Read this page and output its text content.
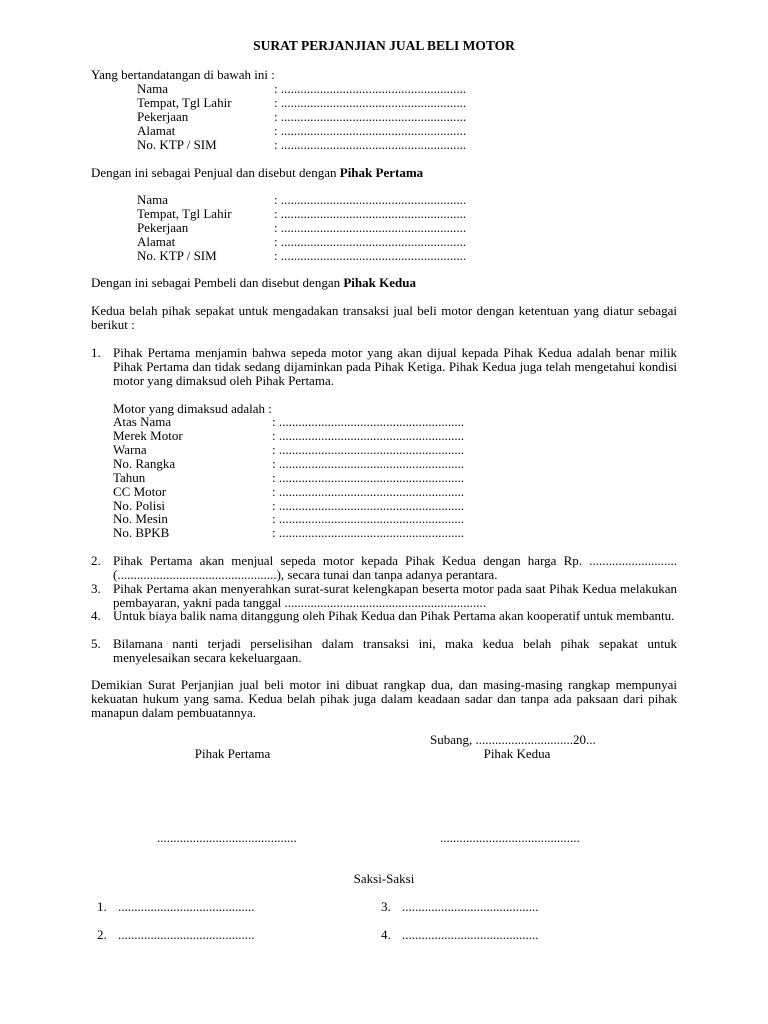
SURAT PERJANJIAN JUAL BELI MOTOR
Yang bertandatangan di bawah ini :
Nama	: .........................................................
Tempat, Tgl Lahir	: .........................................................
Pekerjaan	: .........................................................
Alamat	: .........................................................
No. KTP / SIM	: .........................................................
Dengan ini sebagai Penjual dan disebut dengan Pihak Pertama
Nama	: .........................................................
Tempat, Tgl Lahir	: .........................................................
Pekerjaan	: .........................................................
Alamat	: .........................................................
No. KTP / SIM	: .........................................................
Dengan ini sebagai Pembeli dan disebut dengan Pihak Kedua
Kedua belah pihak sepakat untuk mengadakan transaksi jual beli motor dengan ketentuan yang diatur sebagai berikut :
1. Pihak Pertama menjamin bahwa sepeda motor yang akan dijual kepada Pihak Kedua adalah benar milik Pihak Pertama dan tidak sedang dijaminkan pada Pihak Ketiga. Pihak Kedua juga telah mengetahui kondisi motor yang dimaksud oleh Pihak Pertama.
Motor yang dimaksud adalah :
Atas Nama	: .........................................................
Merek Motor	: .........................................................
Warna	: .........................................................
No. Rangka	: .........................................................
Tahun	: .........................................................
CC Motor	: .........................................................
No. Polisi	: .........................................................
No. Mesin	: .........................................................
No. BPKB	: .........................................................
2. Pihak Pertama akan menjual sepeda motor kepada Pihak Kedua dengan harga Rp. ........................... (.................................................), secara tunai dan tanpa adanya perantara.
3. Pihak Pertama akan menyerahkan surat-surat kelengkapan beserta motor pada saat Pihak Kedua melakukan pembayaran, yakni pada tanggal ..............................................................
4. Untuk biaya balik nama ditanggung oleh Pihak Kedua dan Pihak Pertama akan kooperatif untuk membantu.
5. Bilamana nanti terjadi perselisihan dalam transaksi ini, maka kedua belah pihak sepakat untuk menyelesaikan secara kekeluargaan.
Demikian Surat Perjanjian jual beli motor ini dibuat rangkap dua, dan masing-masing rangkap mempunyai kekuatan hukum yang sama. Kedua belah pihak juga dalam keadaan sadar dan tanpa ada paksaan dari pihak manapun dalam pembuatannya.
Subang, ..............................20...
Pihak Pertama	Pihak Kedua
...........................................	...........................................
Saksi-Saksi
1. ..........................................
2. ..........................................
3. ..........................................
4. ..........................................
